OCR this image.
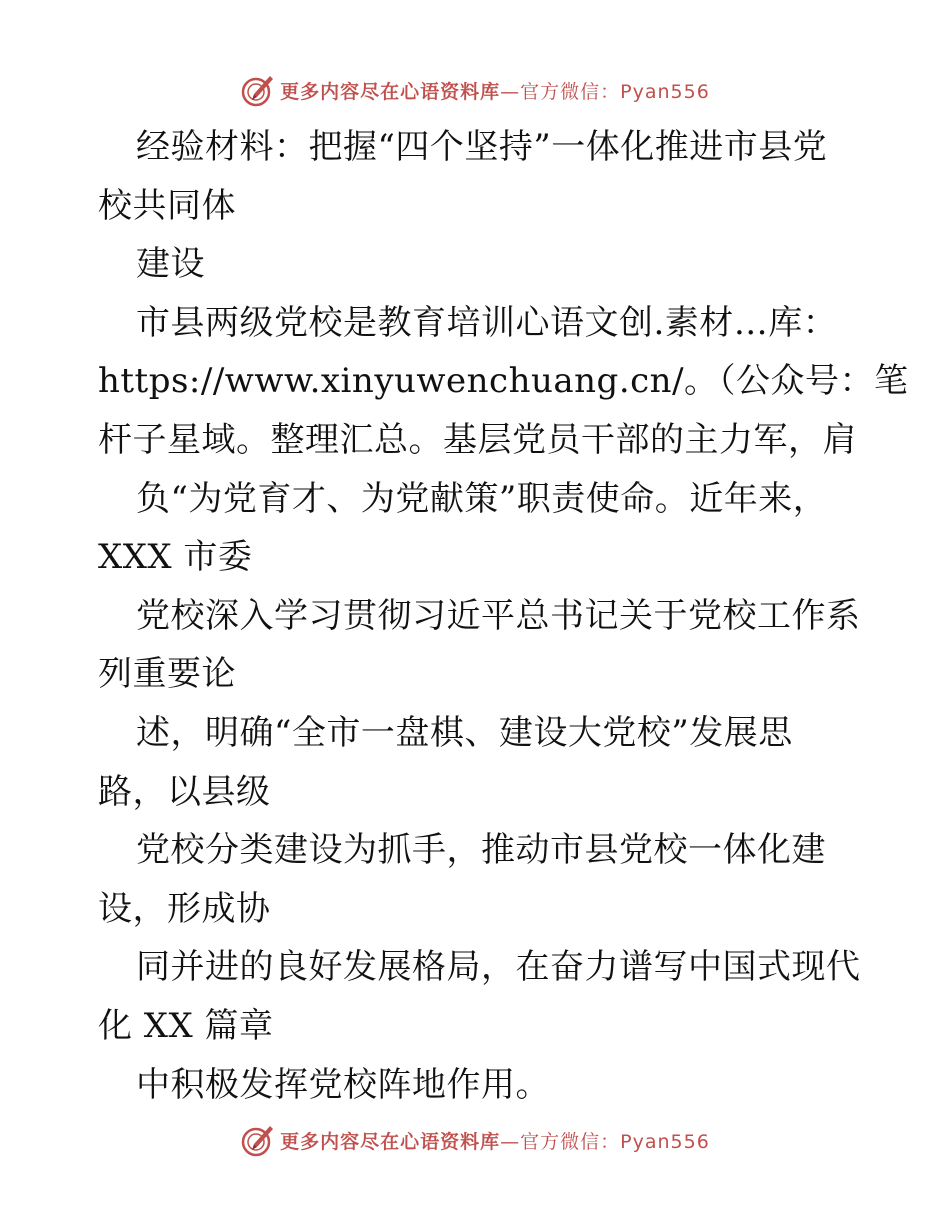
更多内容尽在心语资料库—官方微信：Pyan556
经验材料：把握“四个坚持”一体化推进市县党
校共同体
建设
市县两级党校是教育培训心语文创.素材…库：
https://www.xinyuwenchuang.cn/。（公众号：笔
杆子星域。整理汇总。基层党员干部的主力军，肩
负“为党育才、为党献策”职责使命。近年来，
XXX 市委
党校深入学习贯彻习近平总书记关于党校工作系
列重要论
述，明确“全市一盘棋、建设大党校”发展思
路，以县级
党校分类建设为抓手，推动市县党校一体化建
设，形成协
同并进的良好发展格局，在奋力谱写中国式现代
化 XX 篇章
中积极发挥党校阵地作用。
更多内容尽在心语资料库—官方微信：Pyan556
